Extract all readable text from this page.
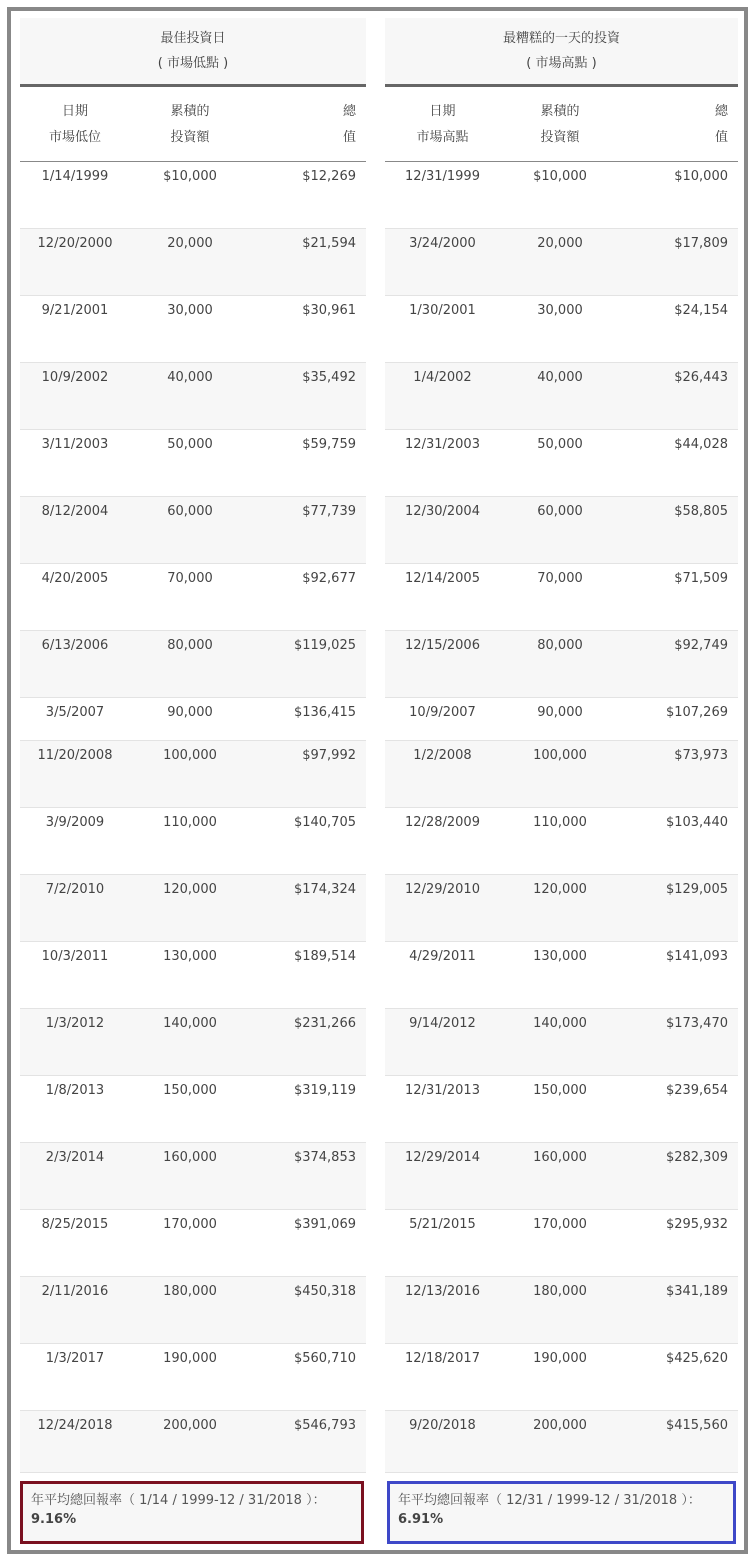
最佳投資日
( 市場低點 )
日期
市場低位
累積的
投資額
總
值
1/14/1999	$10,000	$12,269
12/20/2000	20,000	$21,594
9/21/2001	30,000	$30,961
10/9/2002	40,000	$35,492
3/11/2003	50,000	$59,759
8/12/2004	60,000	$77,739
4/20/2005	70,000	$92,677
6/13/2006	80,000	$119,025
3/5/2007	90,000	$136,415
11/20/2008	100,000	$97,992
3/9/2009	110,000	$140,705
7/2/2010	120,000	$174,324
10/3/2011	130,000	$189,514
1/3/2012	140,000	$231,266
1/8/2013	150,000	$319,119
2/3/2014	160,000	$374,853
8/25/2015	170,000	$391,069
2/11/2016	180,000	$450,318
1/3/2017	190,000	$560,710
12/24/2018	200,000	$546,793
最糟糕的一天的投資
( 市場高點 )
日期
市場高點
累積的
投資額
總
值
12/31/1999	$10,000	$10,000
3/24/2000	20,000	$17,809
1/30/2001	30,000	$24,154
1/4/2002	40,000	$26,443
12/31/2003	50,000	$44,028
12/30/2004	60,000	$58,805
12/14/2005	70,000	$71,509
12/15/2006	80,000	$92,749
10/9/2007	90,000	$107,269
1/2/2008	100,000	$73,973
12/28/2009	110,000	$103,440
12/29/2010	120,000	$129,005
4/29/2011	130,000	$141,093
9/14/2012	140,000	$173,470
12/31/2013	150,000	$239,654
12/29/2014	160,000	$282,309
5/21/2015	170,000	$295,932
12/13/2016	180,000	$341,189
12/18/2017	190,000	$425,620
9/20/2018	200,000	$415,560
年平均總回報率（ 1/14 / 1999-12 / 31/2018 ）：9.16%
年平均總回報率（ 12/31 / 1999-12 / 31/2018 ）：6.91%
